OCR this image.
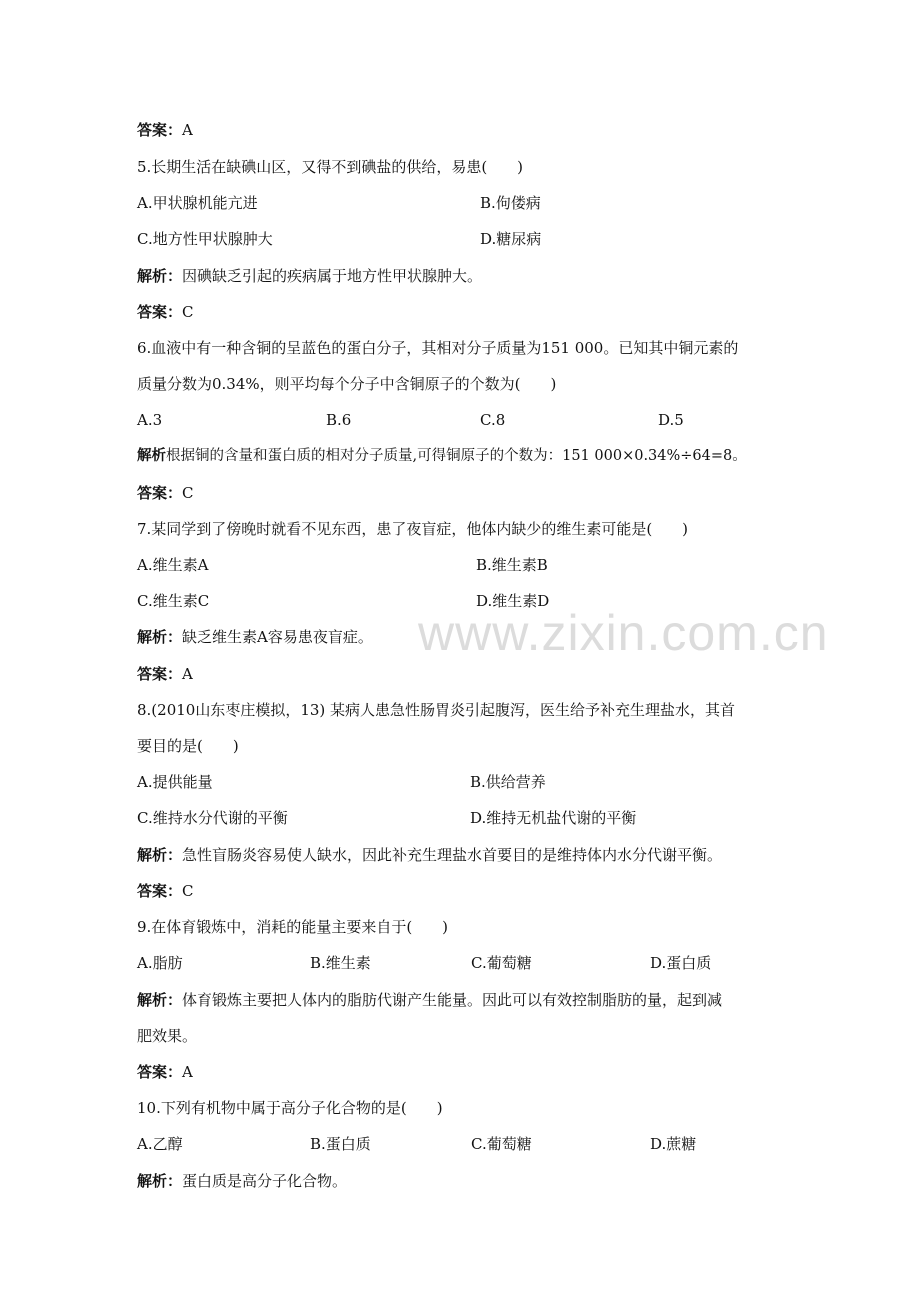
www.zixin.com.cn
答案：A
5.长期生活在缺碘山区，又得不到碘盐的供给，易患(　　)
A.甲状腺机能亢进	B.佝偻病
C.地方性甲状腺肿大	D.糖尿病
解析：因碘缺乏引起的疾病属于地方性甲状腺肿大。
答案：C
6.血液中有一种含铜的呈蓝色的蛋白分子，其相对分子质量为151 000。已知其中铜元素的
质量分数为0.34%，则平均每个分子中含铜原子的个数为(　　)
A.3	B.6	C.8	D.5
解析根据铜的含量和蛋白质的相对分子质量,可得铜原子的个数为：151 000×0.34%÷64=8。
答案：C
7.某同学到了傍晚时就看不见东西，患了夜盲症，他体内缺少的维生素可能是(　　)
A.维生素A	B.维生素B
C.维生素C	D.维生素D
解析：缺乏维生素A容易患夜盲症。
答案：A
8.(2010山东枣庄模拟，13) 某病人患急性肠胃炎引起腹泻，医生给予补充生理盐水，其首
要目的是(　　)
A.提供能量	B.供给营养
C.维持水分代谢的平衡	D.维持无机盐代谢的平衡
解析：急性盲肠炎容易使人缺水，因此补充生理盐水首要目的是维持体内水分代谢平衡。
答案：C
9.在体育锻炼中，消耗的能量主要来自于(　　)
A.脂肪	B.维生素	C.葡萄糖	D.蛋白质
解析：体育锻炼主要把人体内的脂肪代谢产生能量。因此可以有效控制脂肪的量，起到减
肥效果。
答案：A
10.下列有机物中属于高分子化合物的是(　　)
A.乙醇	B.蛋白质	C.葡萄糖	D.蔗糖
解析：蛋白质是高分子化合物。
